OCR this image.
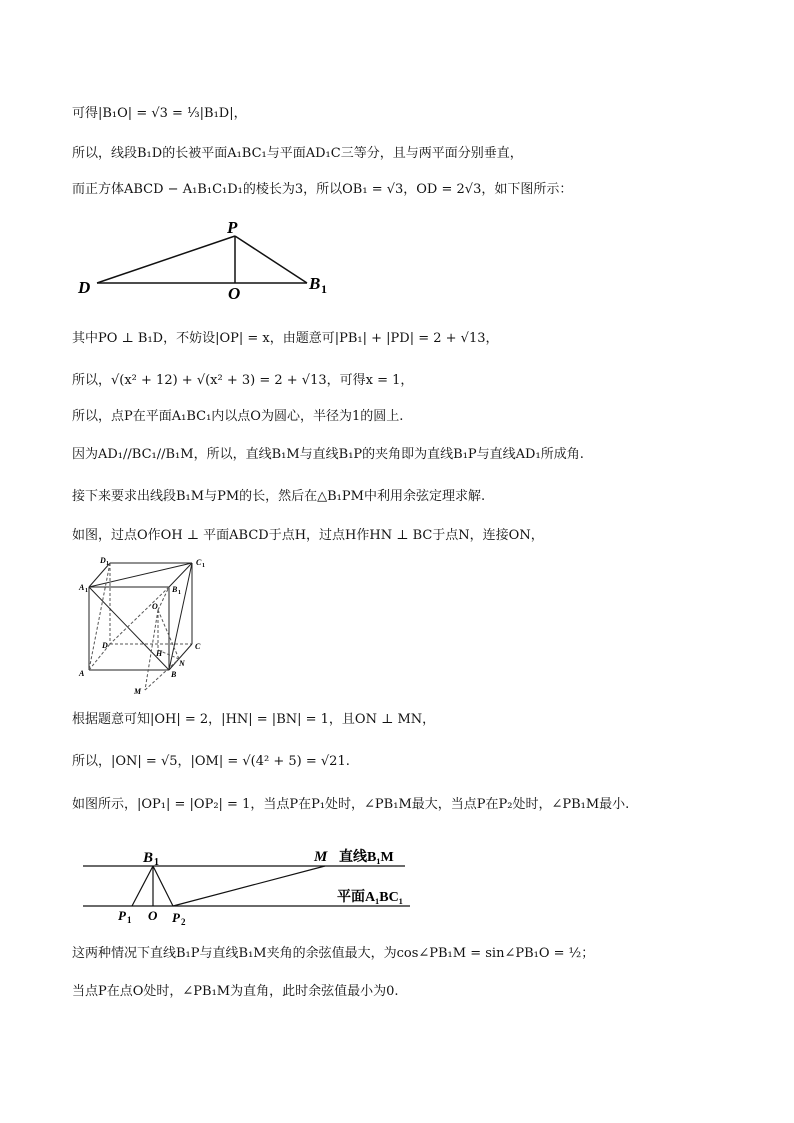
可得|B₁O| = √3 = ⅓|B₁D|，
所以，线段B₁D的长被平面A₁BC₁与平面AD₁C三等分，且与两平面分别垂直，
而正方体ABCD − A₁B₁C₁D₁的棱长为3，所以OB₁ = √3，OD = 2√3，如下图所示：
D
P
O
B 1
其中PO ⊥ B₁D，不妨设|OP| = x，由题意可|PB₁| + |PD| = 2 + √13，
所以，√(x² + 12) + √(x² + 3) = 2 + √13，可得x = 1，
所以，点P在平面A₁BC₁内以点O为圆心，半径为1的圆上.
因为AD₁//BC₁//B₁M，所以，直线B₁M与直线B₁P的夹角即为直线B₁P与直线AD₁所成角.
接下来要求出线段B₁M与PM的长，然后在△B₁PM中利用余弦定理求解.
如图，过点O作OH ⊥ 平面ABCD于点H，过点H作HN ⊥ BC于点N，连接ON，
D 1	C 1
A 1	B 1
O
D
H
C
N
A	B
M
根据题意可知|OH| = 2，|HN| = |BN| = 1，且ON ⊥ MN，
所以，|ON| = √5，|OM| = √(4² + 5) = √21.
如图所示，|OP₁| = |OP₂| = 1，当点P在P₁处时，∠PB₁M最大，当点P在P₂处时，∠PB₁M最小.
B 1	M 直线B₁M
平面A₁BC₁
P 1 O P 2
这两种情况下直线B₁P与直线B₁M夹角的余弦值最大，为cos∠PB₁M = sin∠PB₁O = ½；
当点P在点O处时，∠PB₁M为直角，此时余弦值最小为0.
